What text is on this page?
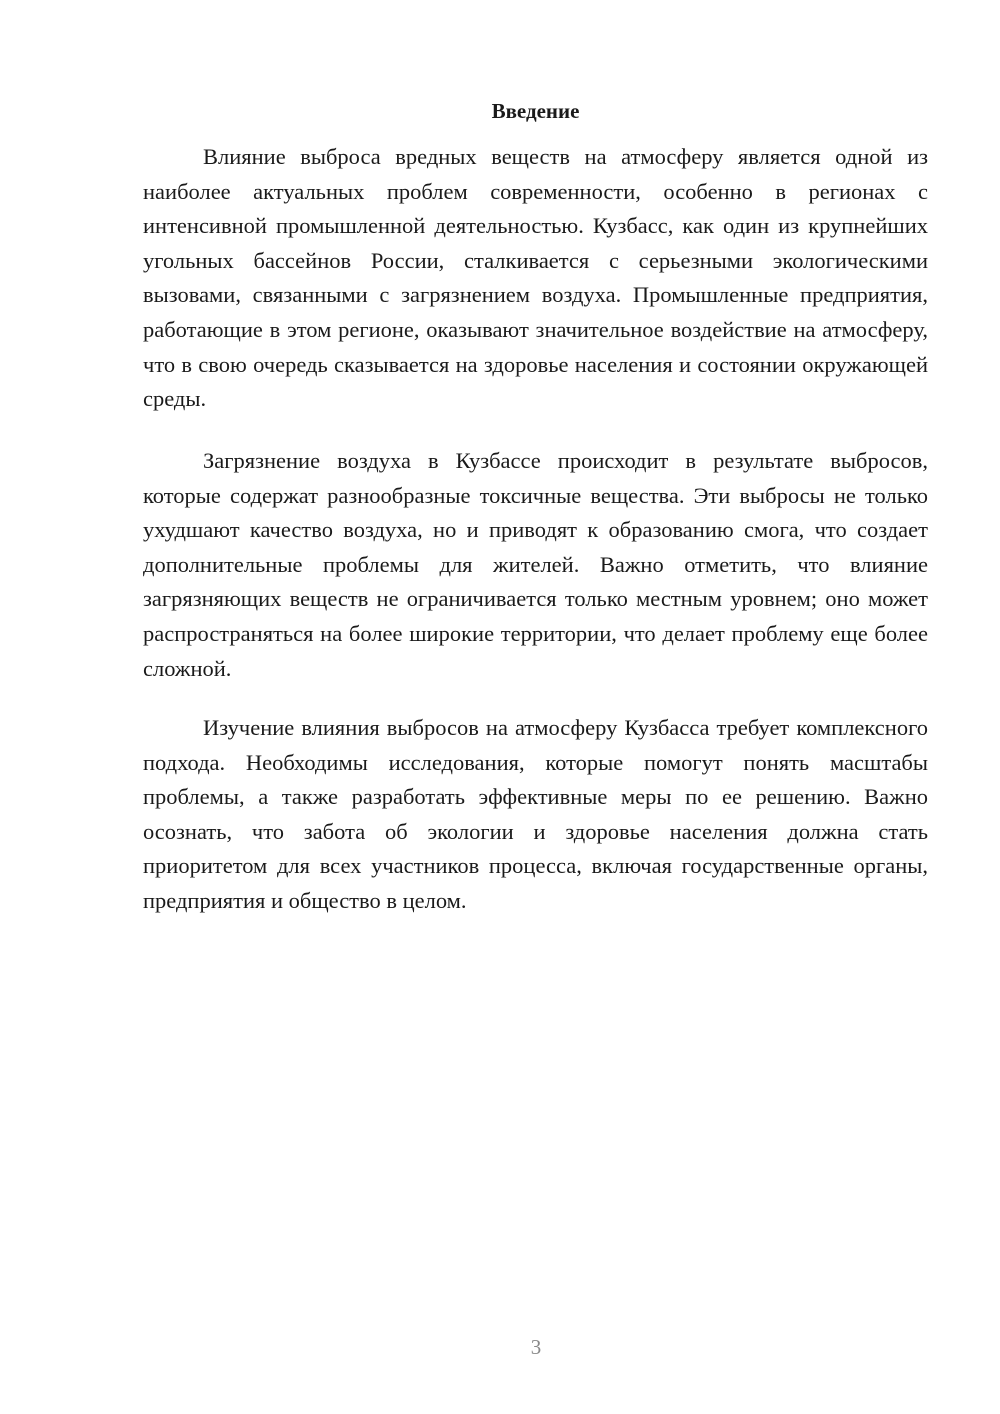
Введение

Влияние выброса вредных веществ на атмосферу является одной из наиболее актуальных проблем современности, особенно в регионах с интенсивной промышленной деятельностью. Кузбасс, как один из крупнейших угольных бассейнов России, сталкивается с серьезными экологическими вызовами, связанными с загрязнением воздуха. Промышленные предприятия, работающие в этом регионе, оказывают значительное воздействие на атмосферу, что в свою очередь сказывается на здоровье населения и состоянии окружающей среды.

Загрязнение воздуха в Кузбассе происходит в результате выбросов, которые содержат разнообразные токсичные вещества. Эти выбросы не только ухудшают качество воздуха, но и приводят к образованию смога, что создает дополнительные проблемы для жителей. Важно отметить, что влияние загрязняющих веществ не ограничивается только местным уровнем; оно может распространяться на более широкие территории, что делает проблему еще более сложной.

Изучение влияния выбросов на атмосферу Кузбасса требует комплексного подхода. Необходимы исследования, которые помогут понять масштабы проблемы, а также разработать эффективные меры по ее решению. Важно осознать, что забота об экологии и здоровье населения должна стать приоритетом для всех участников процесса, включая государственные органы, предприятия и общество в целом.

3
